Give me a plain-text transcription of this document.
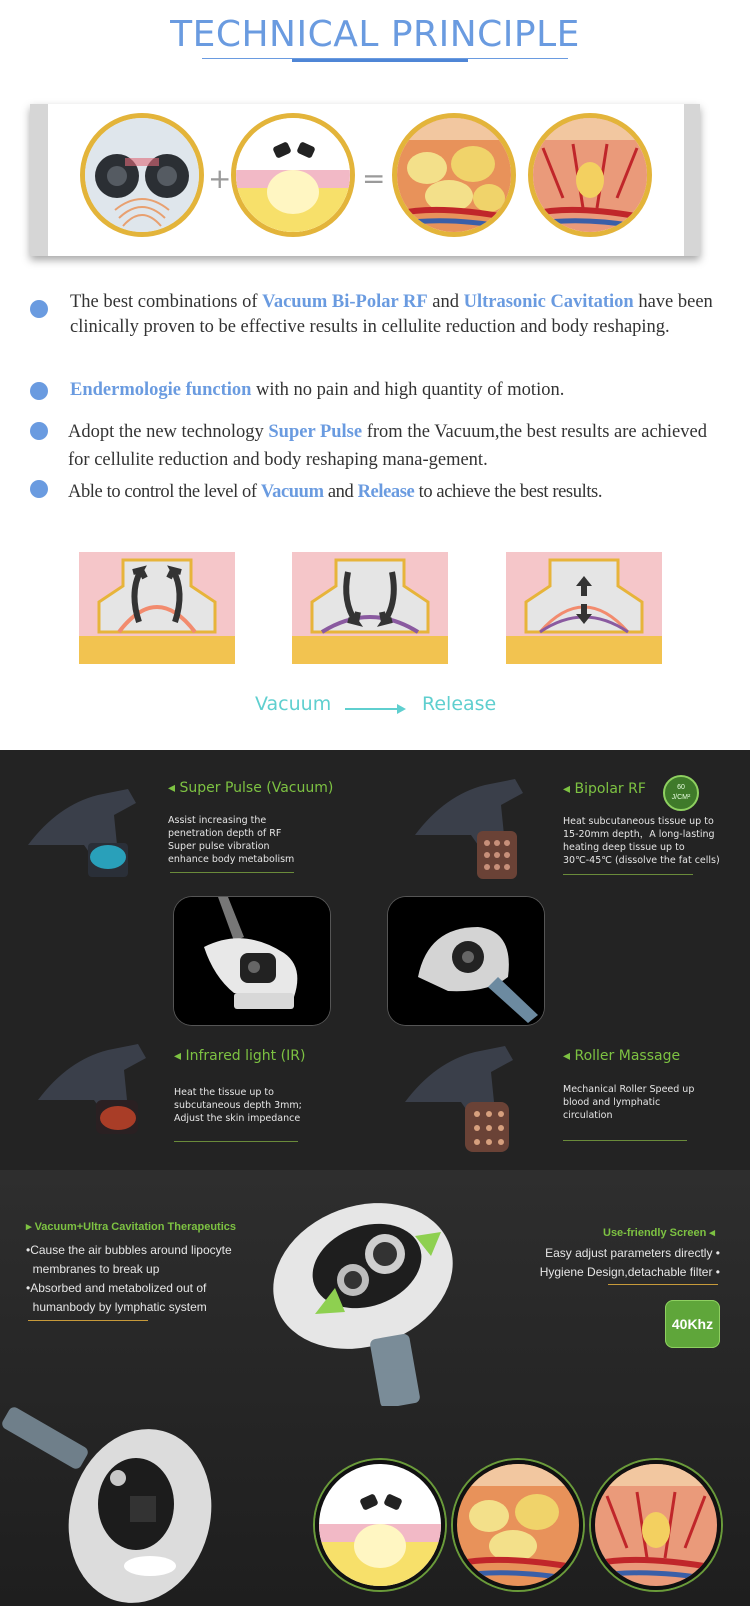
TECHNICAL PRINCIPLE
+	=
The best combinations of Vacuum Bi-Polar RF and Ultrasonic Cavitation have been clinically proven to be effective results in cellulite reduction and body reshaping.
Endermologie function with no pain and high quantity of motion.
Adopt the new technology Super Pulse from the Vacuum,the best results are achieved for cellulite reduction and body reshaping mana-gement.
Able to control the level of Vacuum and Release to achieve the best results.
Vacuum	Release
◂ Super Pulse (Vacuum)
Assist increasing the
penetration depth of RF
Super pulse vibration
enhance body metabolism
◂ Bipolar RF	60
J/CM²
Heat subcutaneous tissue up to
15-20mm depth，A long-lasting
heating deep tissue up to
30℃-45℃ (dissolve the fat cells)
◂ Infrared light (IR)
Heat the tissue up to
subcutaneous depth 3mm;
Adjust the skin impedance
◂ Roller Massage
Mechanical Roller Speed up
blood and lymphatic
circulation
▸ Vacuum+Ultra Cavitation Therapeutics
•Cause the air bubbles around lipocyte
membranes to break up
•Absorbed and metabolized out of
humanbody by lymphatic system
Use-friendly Screen ◂
Easy adjust parameters directly •
Hygiene Design,detachable filter •
40Khz
